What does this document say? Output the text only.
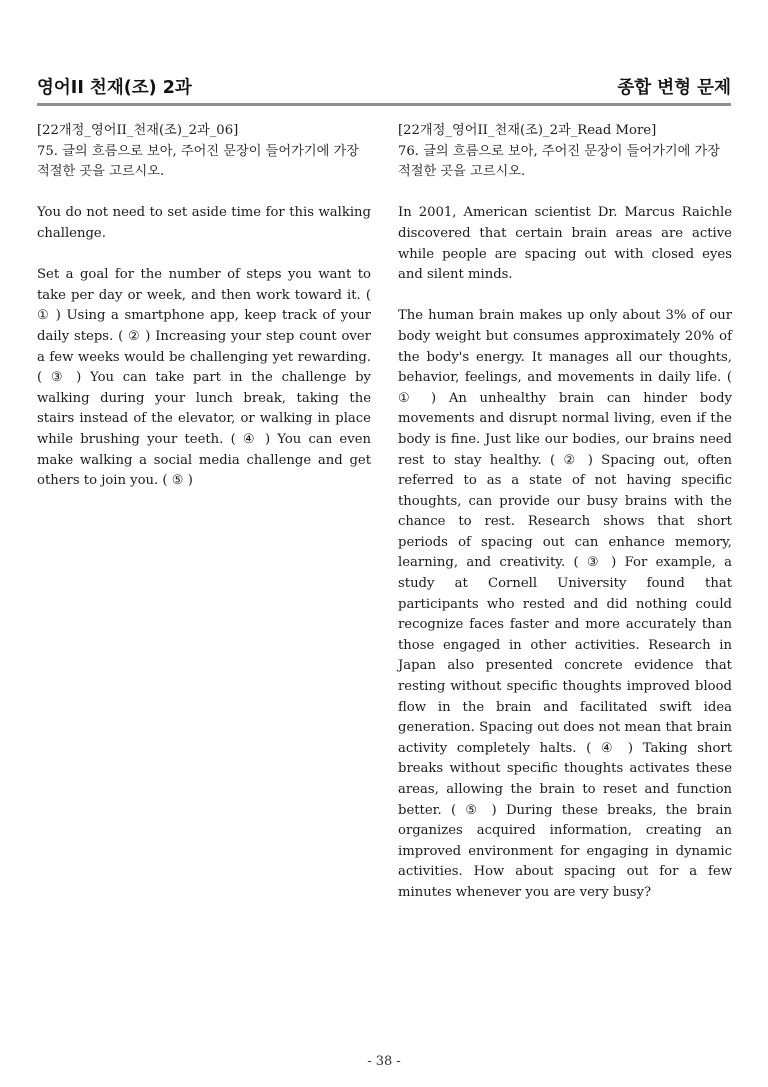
영어II 천재(조) 2과	종합 변형 문제

[22개정_영어II_천재(조)_2과_06]

75. 글의 흐름으로 보아, 주어진 문장이 들어가기에 가장

적절한 곳을 고르시오.

You do not need to set aside time for this walking challenge.

Set a goal for the number of steps you want to take per day or week, and then work toward it. ( ① ) Using a smartphone app, keep track of your daily steps. ( ② ) Increasing your step count over a few weeks would be challenging yet rewarding. ( ③ ) You can take part in the challenge by walking during your lunch break, taking the stairs instead of the elevator, or walking in place while brushing your teeth. ( ④ ) You can even make walking a social media challenge and get others to join you. ( ⑤ )

[22개정_영어II_천재(조)_2과_Read More]

76. 글의 흐름으로 보아, 주어진 문장이 들어가기에 가장

적절한 곳을 고르시오.

In 2001, American scientist Dr. Marcus Raichle discovered that certain brain areas are active while people are spacing out with closed eyes and silent minds.

The human brain makes up only about 3% of our body weight but consumes approximately 20% of the body's energy. It manages all our thoughts, behavior, feelings, and movements in daily life. ( ① ) An unhealthy brain can hinder body movements and disrupt normal living, even if the body is fine. Just like our bodies, our brains need rest to stay healthy. ( ② ) Spacing out, often referred to as a state of not having specific thoughts, can provide our busy brains with the chance to rest. Research shows that short periods of spacing out can enhance memory, learning, and creativity. ( ③ ) For example, a study at Cornell University found that participants who rested and did nothing could recognize faces faster and more accurately than those engaged in other activities. Research in Japan also presented concrete evidence that resting without specific thoughts improved blood flow in the brain and facilitated swift idea generation. Spacing out does not mean that brain activity completely halts. ( ④ ) Taking short breaks without specific thoughts activates these areas, allowing the brain to reset and function better. ( ⑤ ) During these breaks, the brain organizes acquired information, creating an improved environment for engaging in dynamic activities. How about spacing out for a few minutes whenever you are very busy?

- 38 -
